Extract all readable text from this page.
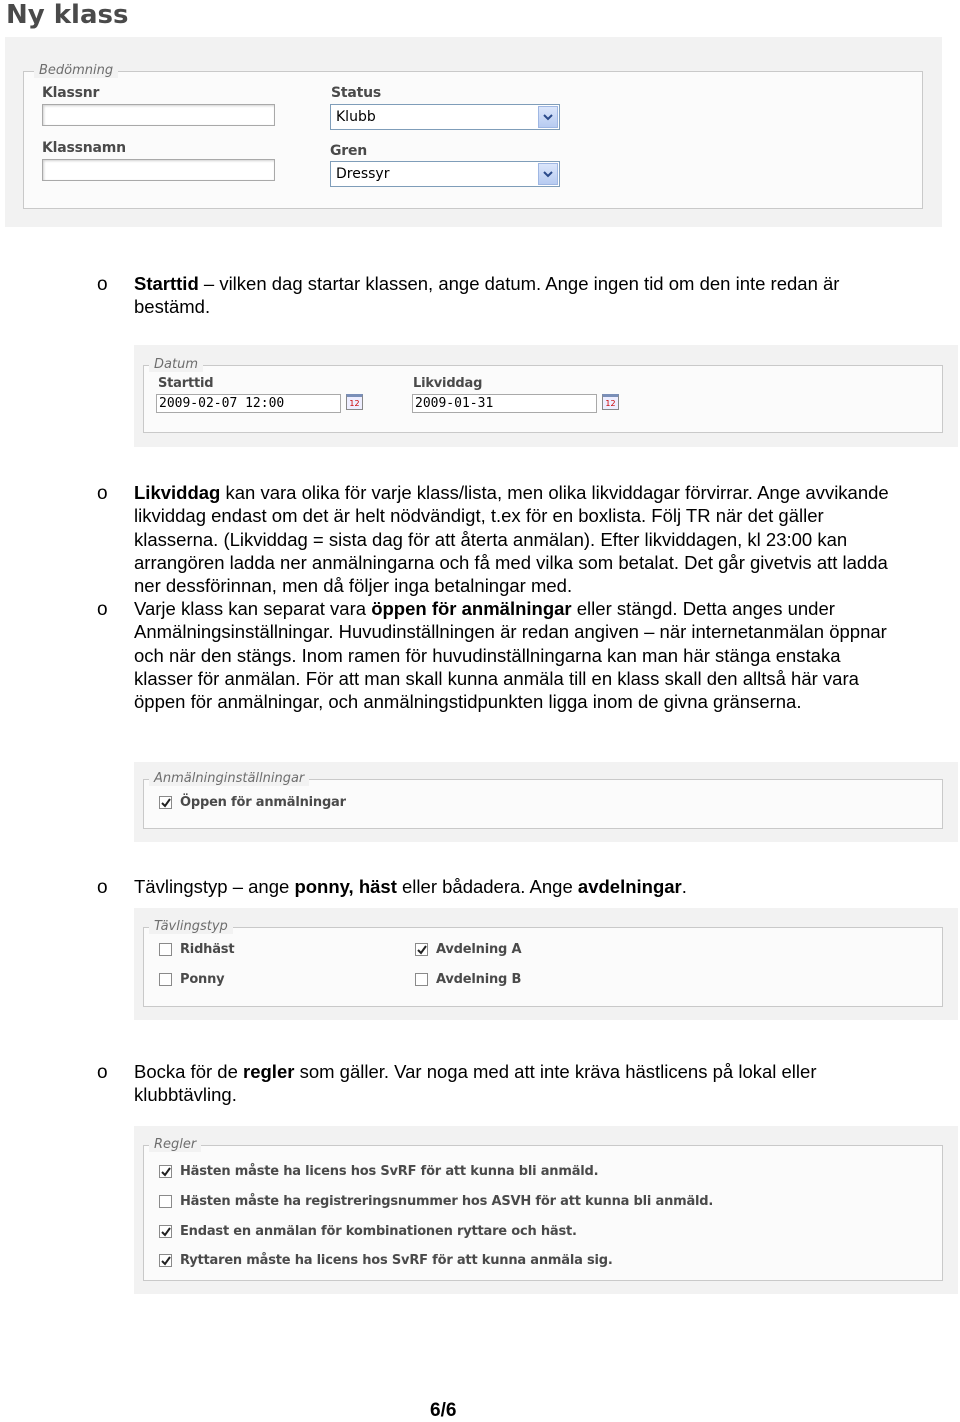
Ny klass
Bedömning
Klassnr
Klassnamn
Status
Klubb
Gren
Dressyr
o Starttid – vilken dag startar klassen, ange datum. Ange ingen tid om den inte redan är bestämd.
Datum
Starttid
2009-02-07 12:00	12
Likviddag
2009-01-31	12
o Likviddag kan vara olika för varje klass/lista, men olika likviddagar förvirrar. Ange avvikande likviddag endast om det är helt nödvändigt, t.ex för en boxlista. Följ TR när det gäller klasserna. (Likviddag = sista dag för att återta anmälan). Efter likviddagen, kl 23:00 kan arrangören ladda ner anmälningarna och få med vilka som betalat. Det går givetvis att ladda ner dessförinnan, men då följer inga betalningar med.
o Varje klass kan separat vara öppen för anmälningar eller stängd. Detta anges under Anmälningsinställningar. Huvudinställningen är redan angiven – när internetanmälan öppnar och när den stängs. Inom ramen för huvudinställningarna kan man här stänga enstaka klasser för anmälan. För att man skall kunna anmäla till en klass skall den alltså här vara öppen för anmälningar, och anmälningstidpunkten ligga inom de givna gränserna.
Anmälninginställningar
Öppen för anmälningar
o Tävlingstyp – ange ponny, häst eller bådadera. Ange avdelningar.
Tävlingstyp
Ridhäst
Ponny
Avdelning A
Avdelning B
o Bocka för de regler som gäller. Var noga med att inte kräva hästlicens på lokal eller klubbtävling.
Regler
Hästen måste ha licens hos SvRF för att kunna bli anmäld.
Hästen måste ha registreringsnummer hos ASVH för att kunna bli anmäld.
Endast en anmälan för kombinationen ryttare och häst.
Ryttaren måste ha licens hos SvRF för att kunna anmäla sig.
6/6
